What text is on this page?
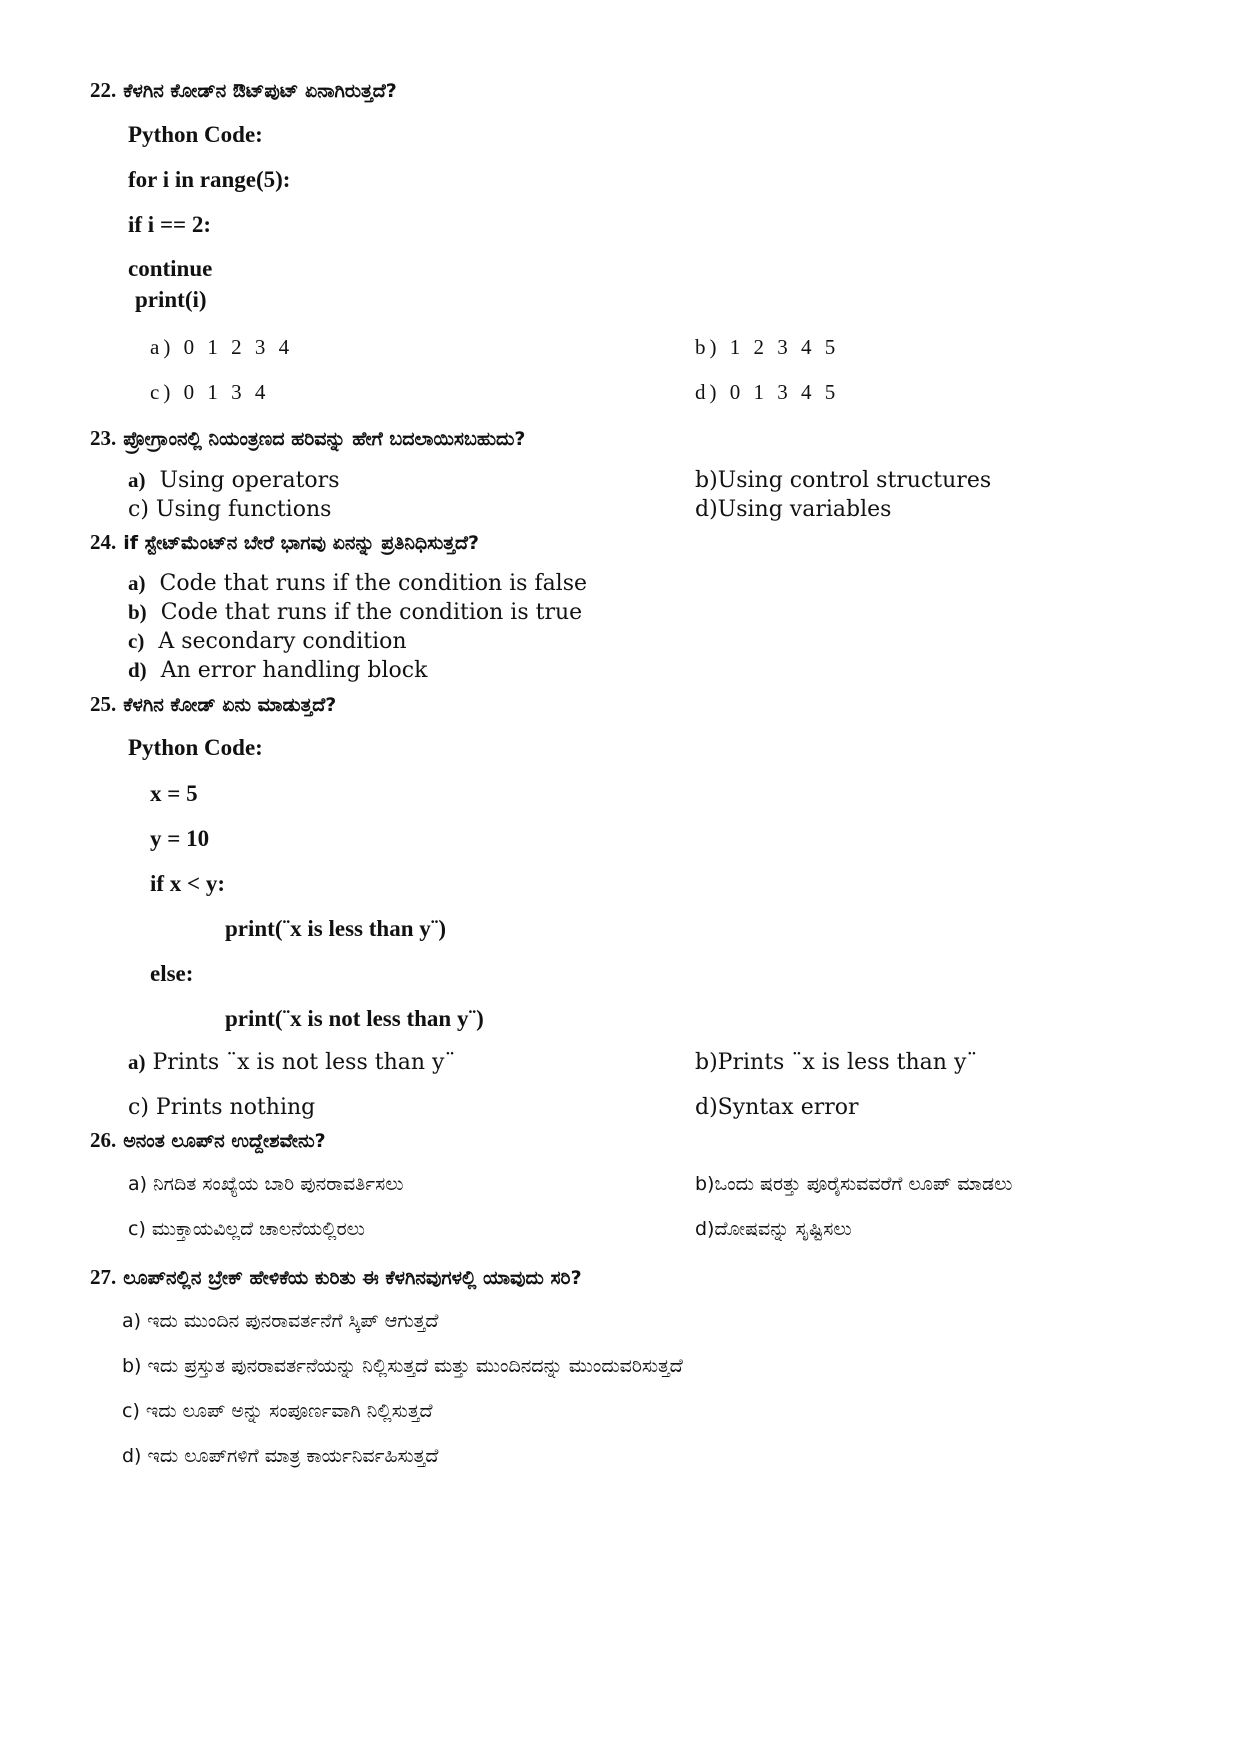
22. ಕೆಳಗಿನ ಕೋಡ್‌ನ ಔಟ್‌ಪುಟ್ ಏನಾಗಿರುತ್ತದೆ?
Python Code:
for i in range(5):
if i == 2:
continue
print(i)
a) 0 1 2 3 4	b) 1 2 3 4 5
c) 0 1 3 4	d) 0 1 3 4 5
23. ಪ್ರೋಗ್ರಾಂನಲ್ಲಿ ನಿಯಂತ್ರಣದ ಹರಿವನ್ನು ಹೇಗೆ ಬದಲಾಯಿಸಬಹುದು?
a) Using operators	b)Using control structures
c) Using functions	d)Using variables
24. if ಸ್ಟೇಟ್‌ಮೆಂಟ್‌ನ ಬೇರೆ ಭಾಗವು ಏನನ್ನು ಪ್ರತಿನಿಧಿಸುತ್ತದೆ?
a) Code that runs if the condition is false
b) Code that runs if the condition is true
c) A secondary condition
d) An error handling block
25. ಕೆಳಗಿನ ಕೋಡ್ ಏನು ಮಾಡುತ್ತದೆ?
Python Code:
x = 5
y = 10
if x < y:
print(¨x is less than y¨)
else:
print(¨x is not less than y¨)
a) Prints ¨x is not less than y¨	b)Prints ¨x is less than y¨
c) Prints nothing	d)Syntax error
26. ಅನಂತ ಲೂಪ್‌ನ ಉದ್ದೇಶವೇನು?
a) ನಿಗದಿತ ಸಂಖ್ಯೆಯ ಬಾರಿ ಪುನರಾವರ್ತಿಸಲು	b)ಒಂದು ಷರತ್ತು ಪೂರೈಸುವವರೆಗೆ ಲೂಪ್ ಮಾಡಲು
c) ಮುಕ್ತಾಯವಿಲ್ಲದೆ ಚಾಲನೆಯಲ್ಲಿರಲು	d)ದೋಷವನ್ನು ಸೃಷ್ಟಿಸಲು
27. ಲೂಪ್‌ನಲ್ಲಿನ ಬ್ರೇಕ್ ಹೇಳಿಕೆಯ ಕುರಿತು ಈ ಕೆಳಗಿನವುಗಳಲ್ಲಿ ಯಾವುದು ಸರಿ?
a) ಇದು ಮುಂದಿನ ಪುನರಾವರ್ತನೆಗೆ ಸ್ಕಿಪ್ ಆಗುತ್ತದೆ
b) ಇದು ಪ್ರಸ್ತುತ ಪುನರಾವರ್ತನೆಯನ್ನು ನಿಲ್ಲಿಸುತ್ತದೆ ಮತ್ತು ಮುಂದಿನದನ್ನು ಮುಂದುವರಿಸುತ್ತದೆ
c) ಇದು ಲೂಪ್ ಅನ್ನು ಸಂಪೂರ್ಣವಾಗಿ ನಿಲ್ಲಿಸುತ್ತದೆ
d) ಇದು ಲೂಪ್‌ಗಳಿಗೆ ಮಾತ್ರ ಕಾರ್ಯನಿರ್ವಹಿಸುತ್ತದೆ
